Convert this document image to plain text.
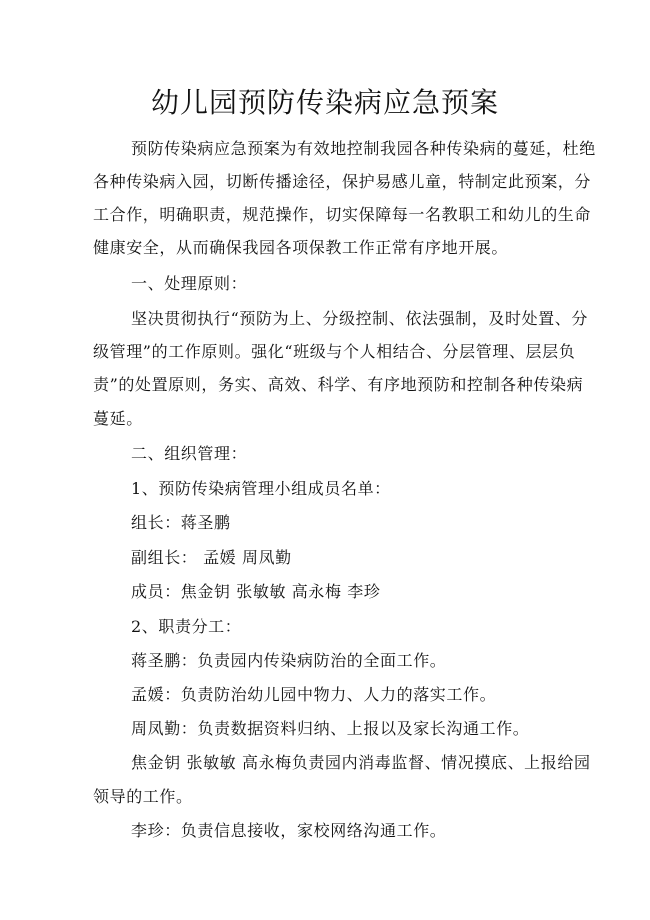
幼儿园预防传染病应急预案
预防传染病应急预案为有效地控制我园各种传染病的蔓延，杜绝
各种传染病入园，切断传播途径，保护易感儿童，特制定此预案，分
工合作，明确职责，规范操作，切实保障每一名教职工和幼儿的生命
健康安全，从而确保我园各项保教工作正常有序地开展。
一、处理原则：
坚决贯彻执行“预防为上、分级控制、依法强制，及时处置、分
级管理”的工作原则。强化“班级与个人相结合、分层管理、层层负
责”的处置原则，务实、高效、科学、有序地预防和控制各种传染病
蔓延。
二、组织管理：
1、预防传染病管理小组成员名单：
组长：蒋圣鹏
副组长： 孟媛 周凤勤
成员：焦金钥 张敏敏 高永梅 李珍
2、职责分工：
蒋圣鹏：负责园内传染病防治的全面工作。
孟媛：负责防治幼儿园中物力、人力的落实工作。
周凤勤：负责数据资料归纳、上报以及家长沟通工作。
焦金钥 张敏敏 高永梅负责园内消毒监督、情况摸底、上报给园
领导的工作。
李珍：负责信息接收，家校网络沟通工作。
